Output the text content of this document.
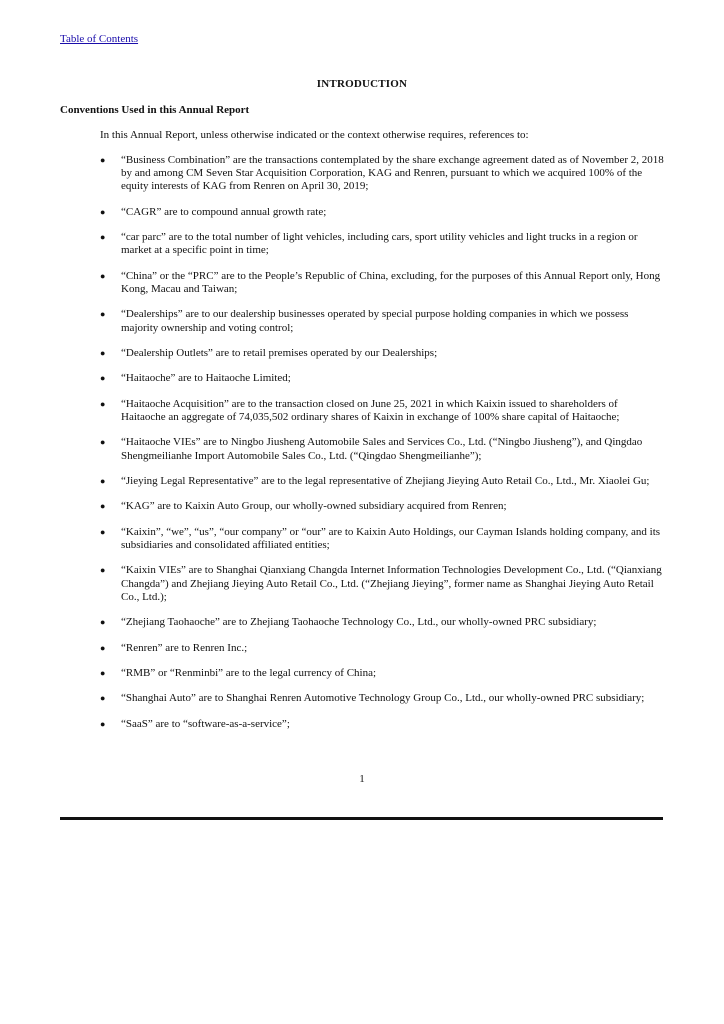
Table of Contents
INTRODUCTION
Conventions Used in this Annual Report
In this Annual Report, unless otherwise indicated or the context otherwise requires, references to:
● “Business Combination” are the transactions contemplated by the share exchange agreement dated as of November 2, 2018 by and among CM Seven Star Acquisition Corporation, KAG and Renren, pursuant to which we acquired 100% of the equity interests of KAG from Renren on April 30, 2019;
● “CAGR” are to compound annual growth rate;
● “car parc” are to the total number of light vehicles, including cars, sport utility vehicles and light trucks in a region or market at a specific point in time;
● “China” or the “PRC” are to the People’s Republic of China, excluding, for the purposes of this Annual Report only, Hong Kong, Macau and Taiwan;
● “Dealerships” are to our dealership businesses operated by special purpose holding companies in which we possess majority ownership and voting control;
● “Dealership Outlets” are to retail premises operated by our Dealerships;
● “Haitaoche” are to Haitaoche Limited;
● “Haitaoche Acquisition” are to the transaction closed on June 25, 2021 in which Kaixin issued to shareholders of Haitaoche an aggregate of 74,035,502 ordinary shares of Kaixin in exchange of 100% share capital of Haitaoche;
● “Haitaoche VIEs” are to Ningbo Jiusheng Automobile Sales and Services Co., Ltd. (“Ningbo Jiusheng”), and Qingdao Shengmeilianhe Import Automobile Sales Co., Ltd. (“Qingdao Shengmeilianhe”);
● “Jieying Legal Representative” are to the legal representative of Zhejiang Jieying Auto Retail Co., Ltd., Mr. Xiaolei Gu;
● “KAG” are to Kaixin Auto Group, our wholly-owned subsidiary acquired from Renren;
● “Kaixin”, “we”, “us”, “our company” or “our” are to Kaixin Auto Holdings, our Cayman Islands holding company, and its subsidiaries and consolidated affiliated entities;
● “Kaixin VIEs” are to Shanghai Qianxiang Changda Internet Information Technologies Development Co., Ltd. (“Qianxiang Changda”) and Zhejiang Jieying Auto Retail Co., Ltd. (“Zhejiang Jieying”, former name as Shanghai Jieying Auto Retail Co., Ltd.);
● “Zhejiang Taohaoche” are to Zhejiang Taohaoche Technology Co., Ltd., our wholly-owned PRC subsidiary;
● “Renren” are to Renren Inc.;
● “RMB” or “Renminbi” are to the legal currency of China;
● “Shanghai Auto” are to Shanghai Renren Automotive Technology Group Co., Ltd., our wholly-owned PRC subsidiary;
● “SaaS” are to “software-as-a-service”;
1
